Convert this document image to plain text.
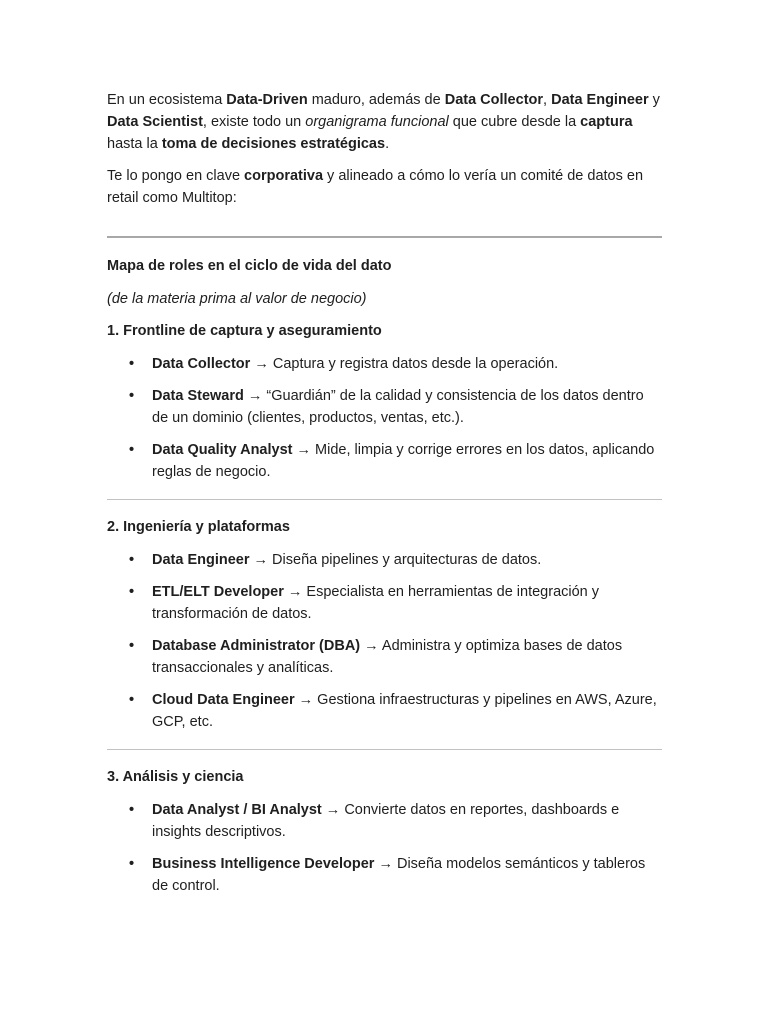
En un ecosistema Data-Driven maduro, además de Data Collector, Data Engineer y Data Scientist, existe todo un organigrama funcional que cubre desde la captura hasta la toma de decisiones estratégicas.

Te lo pongo en clave corporativa y alineado a cómo lo vería un comité de datos en retail como Multitop:

Mapa de roles en el ciclo de vida del dato

(de la materia prima al valor de negocio)

1. Frontline de captura y aseguramiento

• Data Collector → Captura y registra datos desde la operación.
• Data Steward → “Guardián” de la calidad y consistencia de los datos dentro de un dominio (clientes, productos, ventas, etc.).
• Data Quality Analyst → Mide, limpia y corrige errores en los datos, aplicando reglas de negocio.

2. Ingeniería y plataformas

• Data Engineer → Diseña pipelines y arquitecturas de datos.
• ETL/ELT Developer → Especialista en herramientas de integración y transformación de datos.
• Database Administrator (DBA) → Administra y optimiza bases de datos transaccionales y analíticas.
• Cloud Data Engineer → Gestiona infraestructuras y pipelines en AWS, Azure, GCP, etc.

3. Análisis y ciencia

• Data Analyst / BI Analyst → Convierte datos en reportes, dashboards e insights descriptivos.
• Business Intelligence Developer → Diseña modelos semánticos y tableros de control.
